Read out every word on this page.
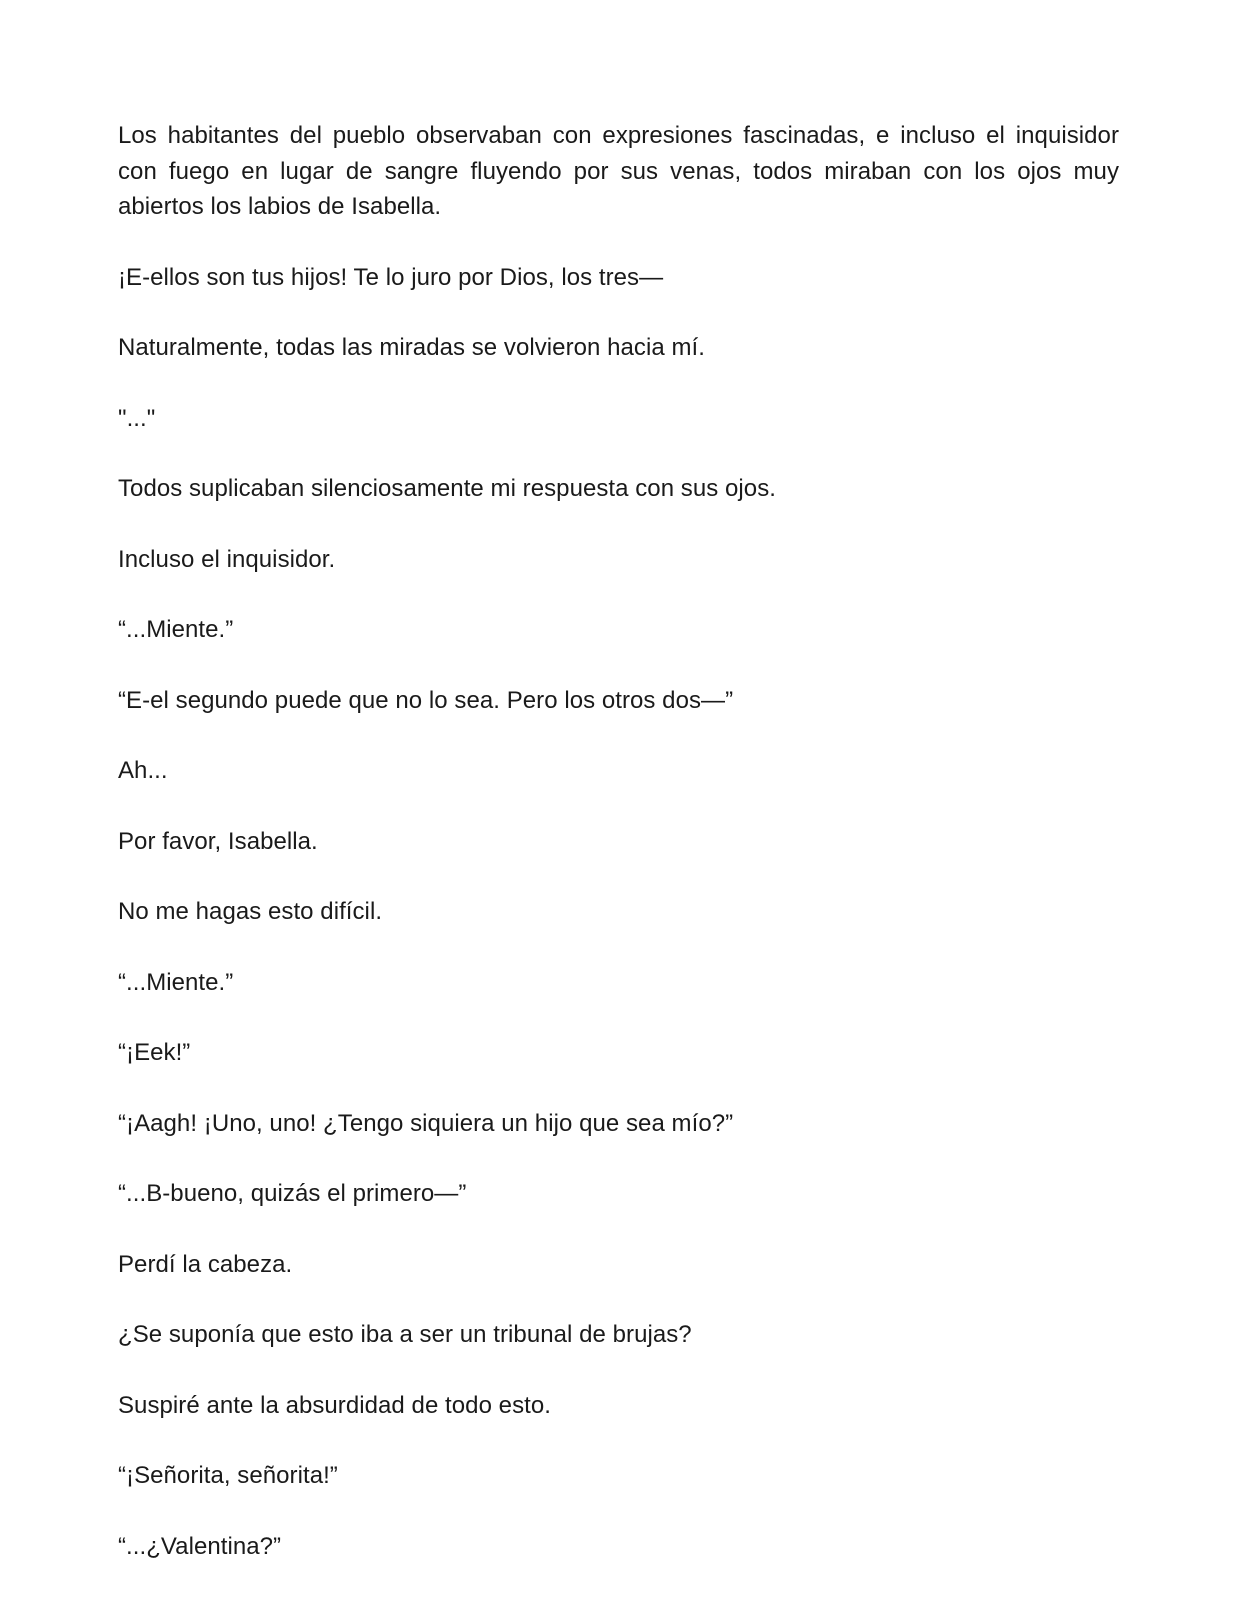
Los habitantes del pueblo observaban con expresiones fascinadas, e incluso el inquisidor con fuego en lugar de sangre fluyendo por sus venas, todos miraban con los ojos muy abiertos los labios de Isabella.

¡E-ellos son tus hijos! Te lo juro por Dios, los tres—

Naturalmente, todas las miradas se volvieron hacia mí.

"..."

Todos suplicaban silenciosamente mi respuesta con sus ojos.

Incluso el inquisidor.

“...Miente.”

“E-el segundo puede que no lo sea. Pero los otros dos—”

Ah...

Por favor, Isabella.

No me hagas esto difícil.

“...Miente.”

“¡Eek!”

“¡Aagh! ¡Uno, uno! ¿Tengo siquiera un hijo que sea mío?”

“...B-bueno, quizás el primero—”

Perdí la cabeza.

¿Se suponía que esto iba a ser un tribunal de brujas?

Suspiré ante la absurdidad de todo esto.

“¡Señorita, señorita!”

“...¿Valentina?”
